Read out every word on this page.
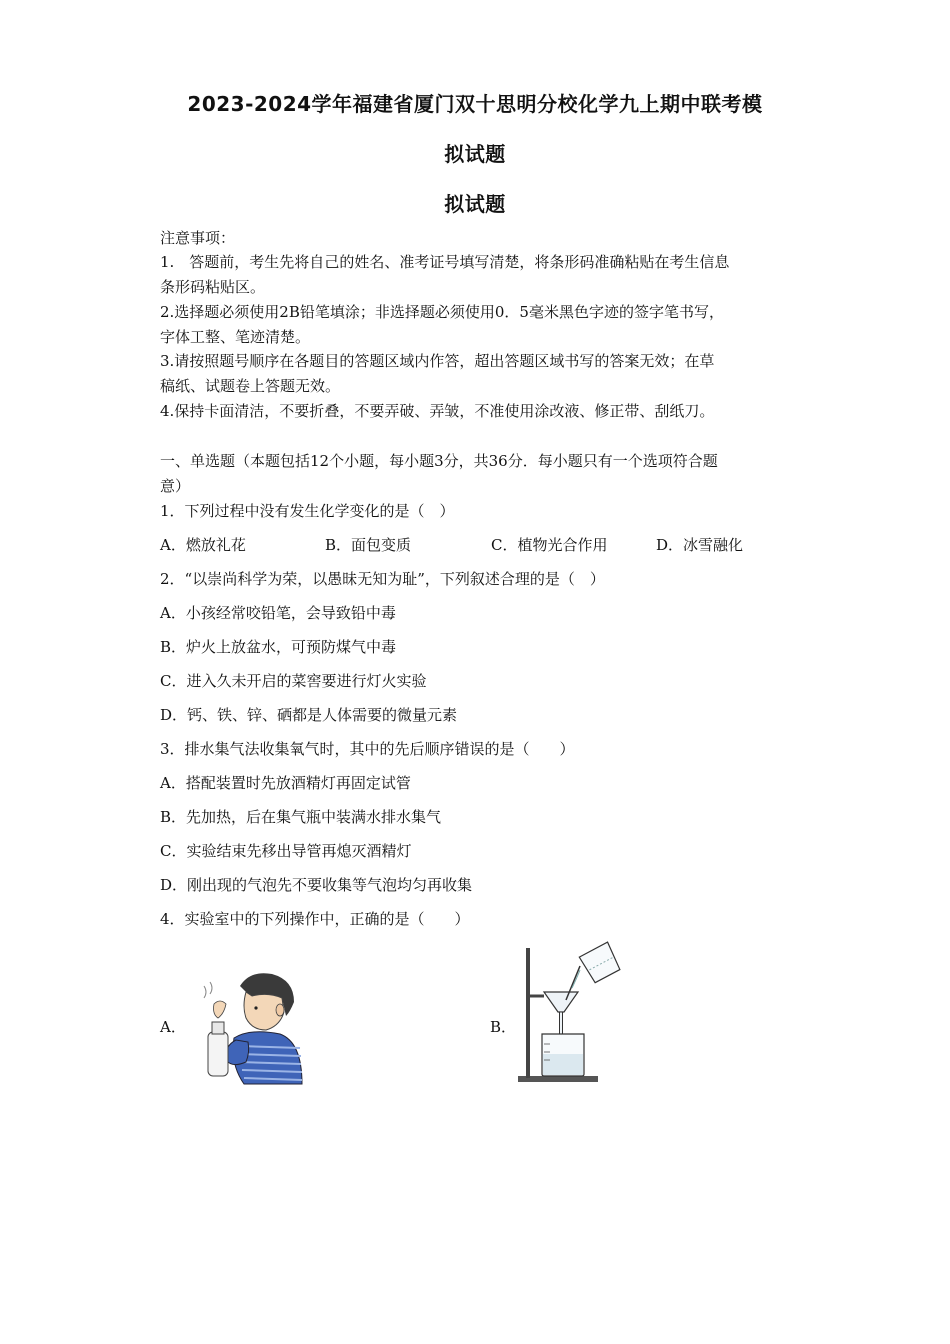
2023-2024学年福建省厦门双十思明分校化学九上期中联考模
拟试题
拟试题
注意事项：
1.　答题前，考生先将自己的姓名、准考证号填写清楚，将条形码准确粘贴在考生信息
条形码粘贴区。
2.选择题必须使用2B铅笔填涂；非选择题必须使用0．5毫米黑色字迹的签字笔书写，
字体工整、笔迹清楚。
3.请按照题号顺序在各题目的答题区域内作答，超出答题区域书写的答案无效；在草
稿纸、试题卷上答题无效。
4.保持卡面清洁，不要折叠，不要弄破、弄皱，不准使用涂改液、修正带、刮纸刀。
一、单选题（本题包括12个小题，每小题3分，共36分．每小题只有一个选项符合题
意）
1．下列过程中没有发生化学变化的是（　）
A．燃放礼花	B．面包变质	C．植物光合作用	D．冰雪融化
2．“以崇尚科学为荣，以愚昧无知为耻”，下列叙述合理的是（　）
A．小孩经常咬铅笔，会导致铅中毒
B．炉火上放盆水，可预防煤气中毒
C．进入久未开启的菜窖要进行灯火实验
D．钙、铁、锌、硒都是人体需要的微量元素
3．排水集气法收集氧气时，其中的先后顺序错误的是（　　）
A．搭配装置时先放酒精灯再固定试管
B．先加热，后在集气瓶中装满水排水集气
C．实验结束先移出导管再熄灭酒精灯
D．刚出现的气泡先不要收集等气泡均匀再收集
4．实验室中的下列操作中，正确的是（　　）
A．	B．
